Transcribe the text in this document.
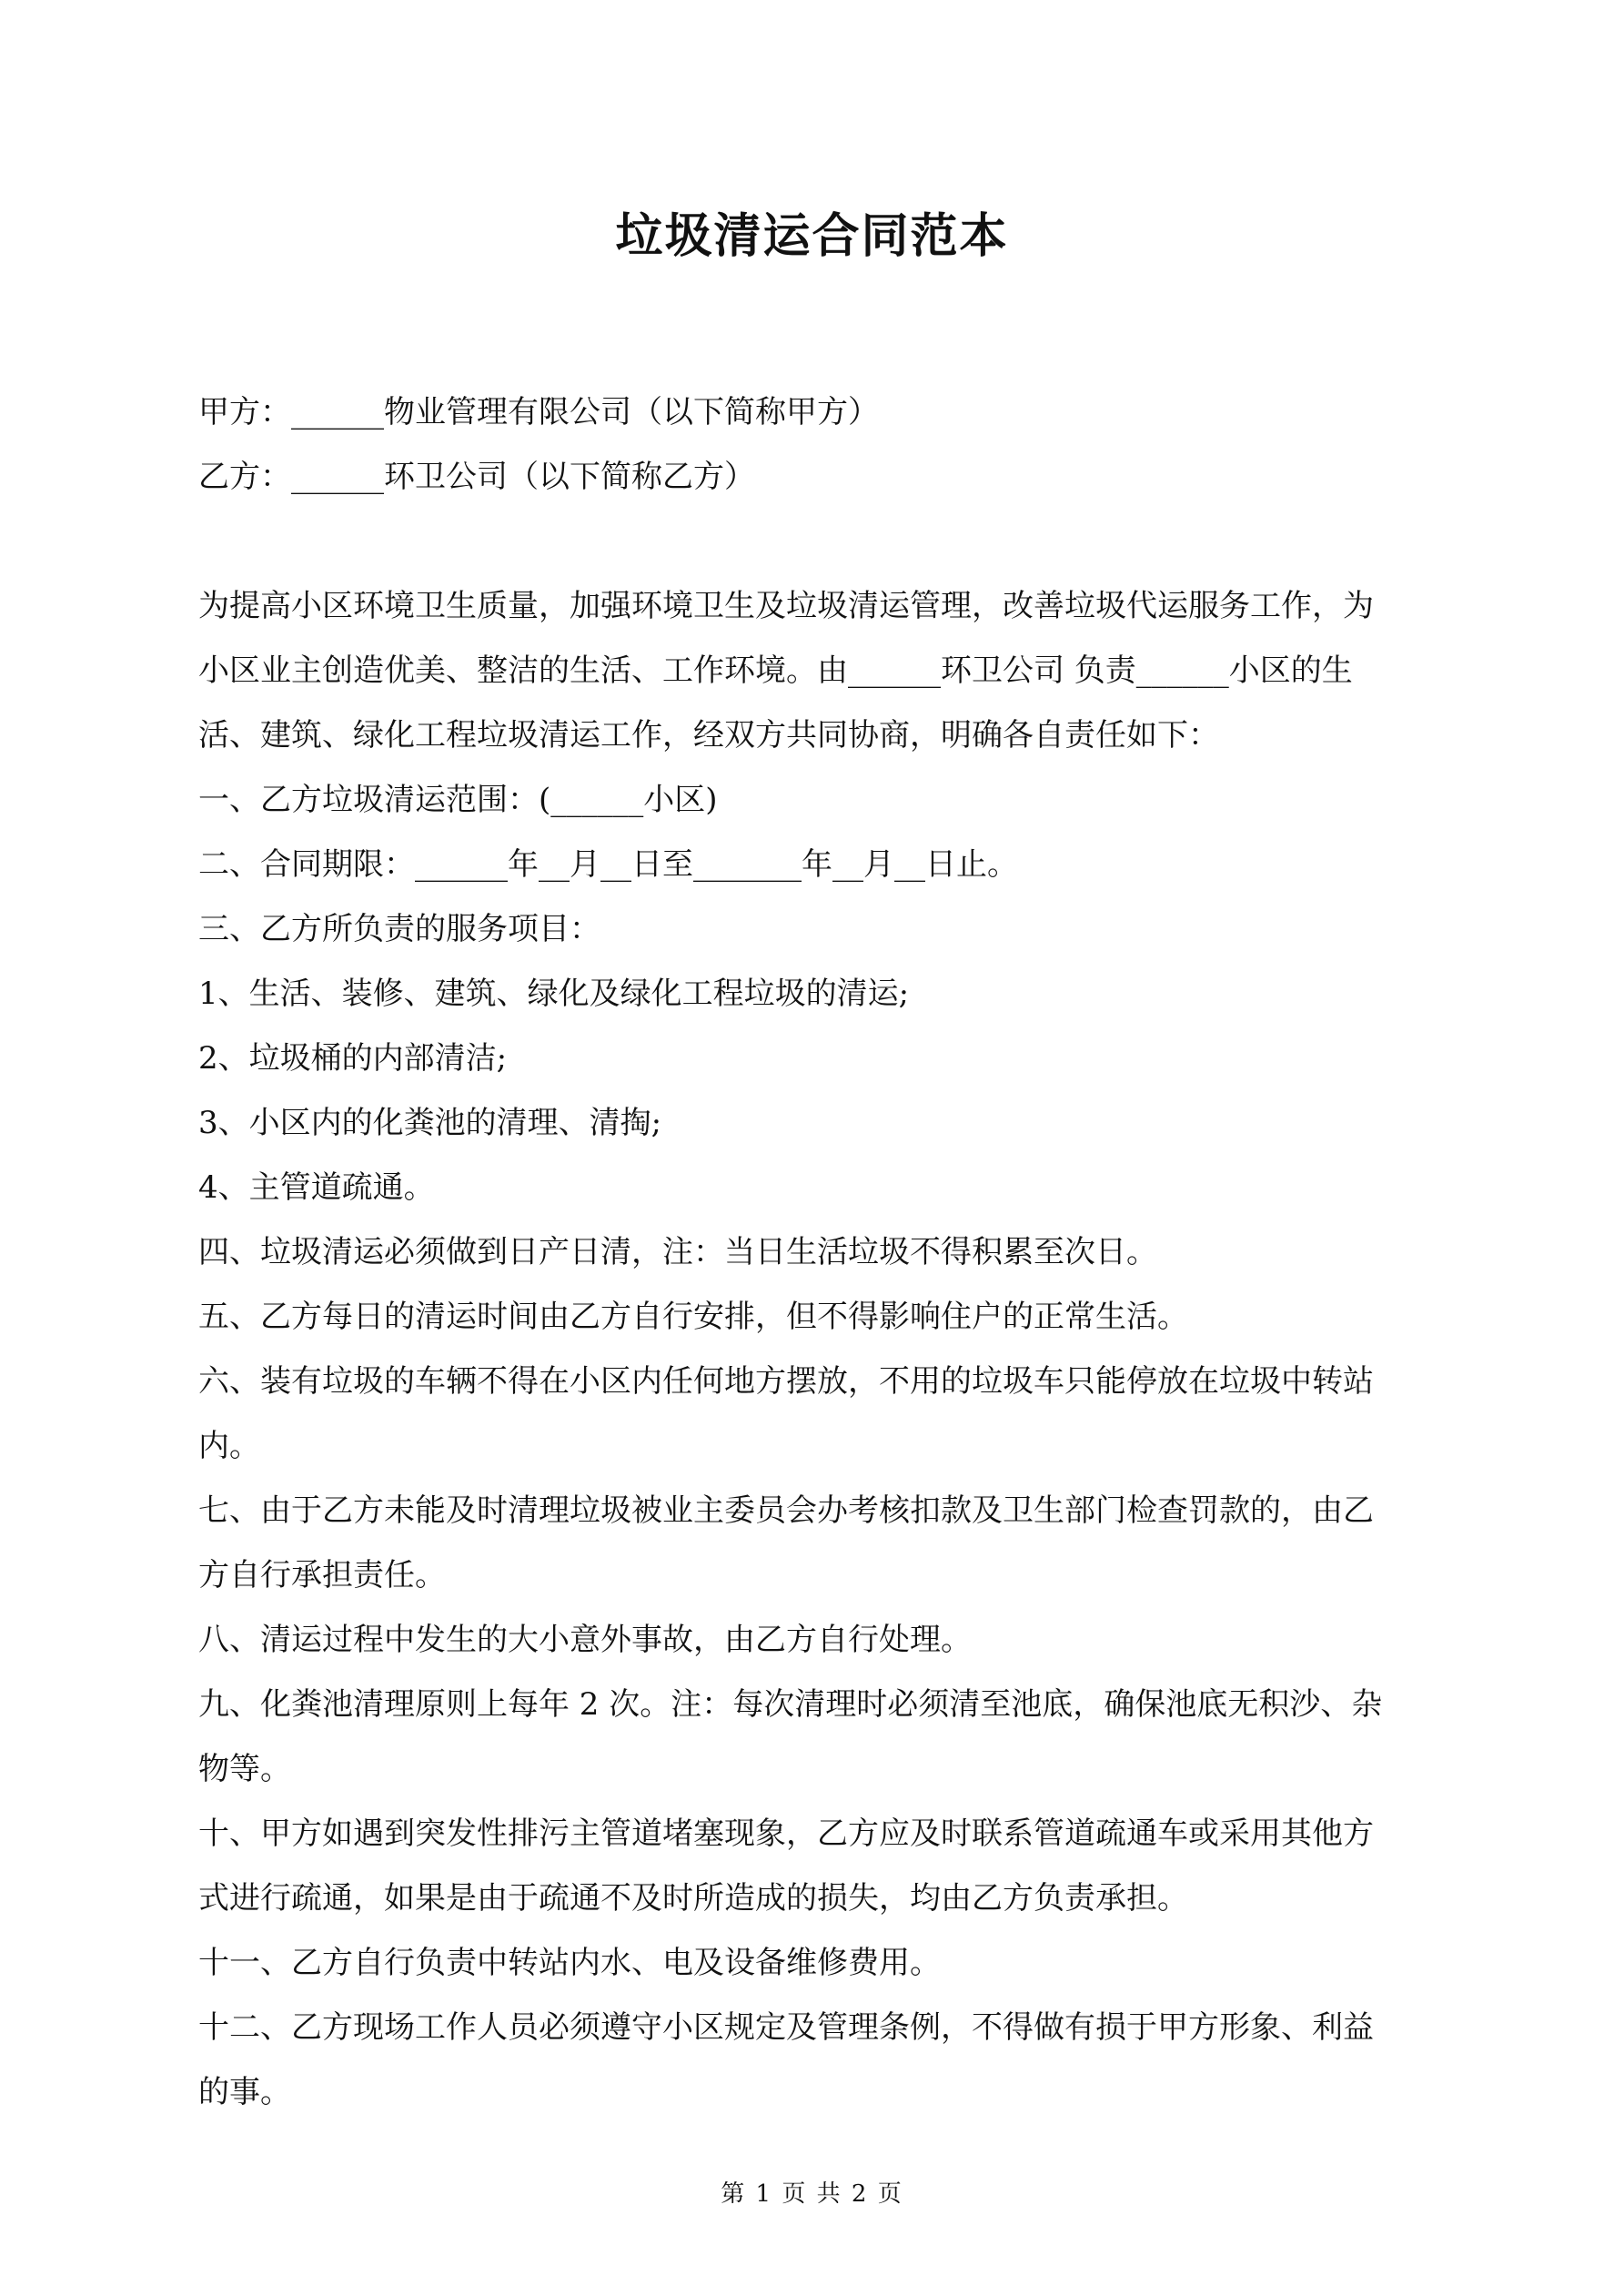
垃圾清运合同范本
甲方：______物业管理有限公司（以下简称甲方）
乙方：______环卫公司（以下简称乙方）
为提高小区环境卫生质量，加强环境卫生及垃圾清运管理，改善垃圾代运服务工作，为
小区业主创造优美、整洁的生活、工作环境。由______环卫公司 负责______小区的生
活、建筑、绿化工程垃圾清运工作，经双方共同协商，明确各自责任如下：
一、乙方垃圾清运范围：(______小区)
二、合同期限：______年__月__日至_______年__月__日止。
三、乙方所负责的服务项目：
1、生活、装修、建筑、绿化及绿化工程垃圾的清运;
2、垃圾桶的内部清洁;
3、小区内的化粪池的清理、清掏;
4、主管道疏通。
四、垃圾清运必须做到日产日清，注：当日生活垃圾不得积累至次日。
五、乙方每日的清运时间由乙方自行安排，但不得影响住户的正常生活。
六、装有垃圾的车辆不得在小区内任何地方摆放，不用的垃圾车只能停放在垃圾中转站
内。
七、由于乙方未能及时清理垃圾被业主委员会办考核扣款及卫生部门检查罚款的，由乙
方自行承担责任。
八、清运过程中发生的大小意外事故，由乙方自行处理。
九、化粪池清理原则上每年 2 次。注：每次清理时必须清至池底，确保池底无积沙、杂
物等。
十、甲方如遇到突发性排污主管道堵塞现象，乙方应及时联系管道疏通车或采用其他方
式进行疏通，如果是由于疏通不及时所造成的损失，均由乙方负责承担。
十一、乙方自行负责中转站内水、电及设备维修费用。
十二、乙方现场工作人员必须遵守小区规定及管理条例，不得做有损于甲方形象、利益
的事。
第 1 页 共 2 页
